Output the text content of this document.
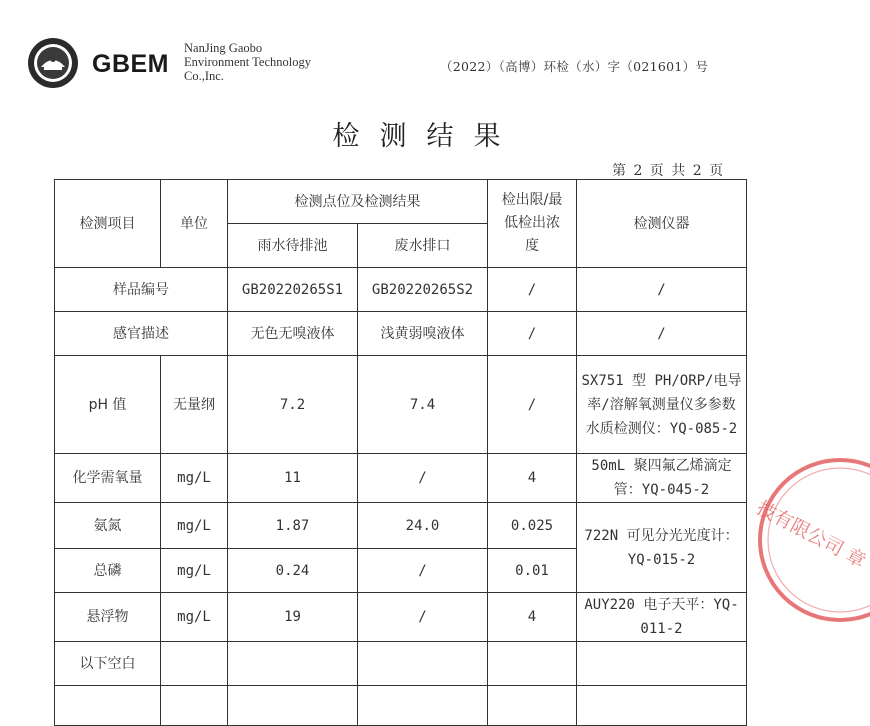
GBEM
NanJing Gaobo
Environment Technology
Co.,Inc.
（2022）（高博）环检（水）字（021601）号
检测结果
第 2 页 共 2 页
检测项目	单位	检测点位及检测结果		检出限/最低检出浓度	检测仪器
		雨水待排池	废水排口		
样品编号		GB20220265S1	GB20220265S2	/	/
感官描述		无色无嗅液体	浅黄弱嗅液体	/	/
pH 值	无量纲	7.2	7.4	/	SX751 型 PH/ORP/电导率/溶解氧测量仪多参数水质检测仪：YQ-085-2
化学需氧量	mg/L	11	/	4	50mL 聚四氟乙烯滴定管：YQ-045-2
氨氮	mg/L	1.87	24.0	0.025	722N 可见分光光度计：YQ-015-2
总磷	mg/L	0.24	/	0.01	
悬浮物	mg/L	19	/	4	AUY220 电子天平：YQ-011-2
以下空白					

技有限公司 章
